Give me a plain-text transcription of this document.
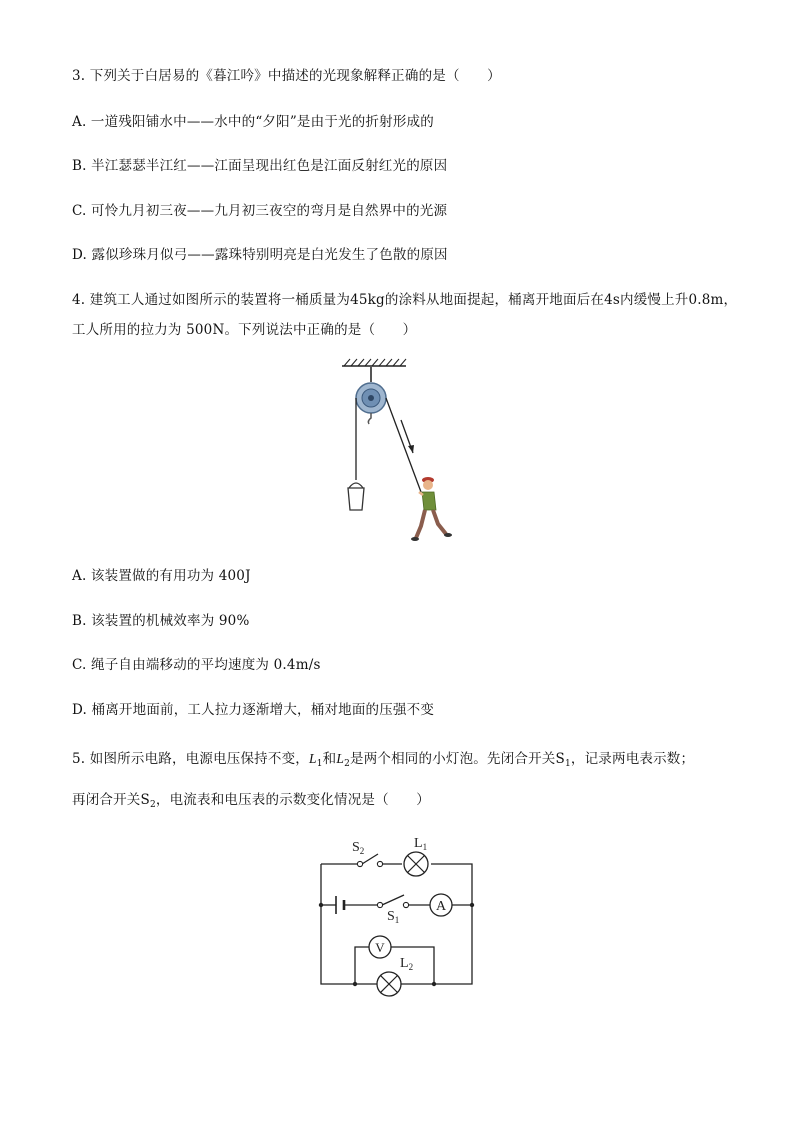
3. 下列关于白居易的《暮江吟》中描述的光现象解释正确的是（　　）
A. 一道残阳铺水中——水中的“夕阳”是由于光的折射形成的
B. 半江瑟瑟半江红——江面呈现出红色是江面反射红光的原因
C. 可怜九月初三夜——九月初三夜空的弯月是自然界中的光源
D. 露似珍珠月似弓——露珠特别明亮是白光发生了色散的原因
4. 建筑工人通过如图所示的装置将一桶质量为45kg的涂料从地面提起，桶离开地面后在4s内缓慢上升0.8m，
工人所用的拉力为 500N。下列说法中正确的是（　　）
A. 该装置做的有用功为 400J
B. 该装置的机械效率为 90%
C. 绳子自由端移动的平均速度为 0.4m/s
D. 桶离开地面前，工人拉力逐渐增大，桶对地面的压强不变
5. 如图所示电路，电源电压保持不变，$L_1$和$L_2$是两个相同的小灯泡。先闭合开关$S_1$，记录两电表示数；
再闭合开关$S_2$，电流表和电压表的示数变化情况是（　　）
A
V
$S_2$	$L_1$
$S_1$
$L_2$
